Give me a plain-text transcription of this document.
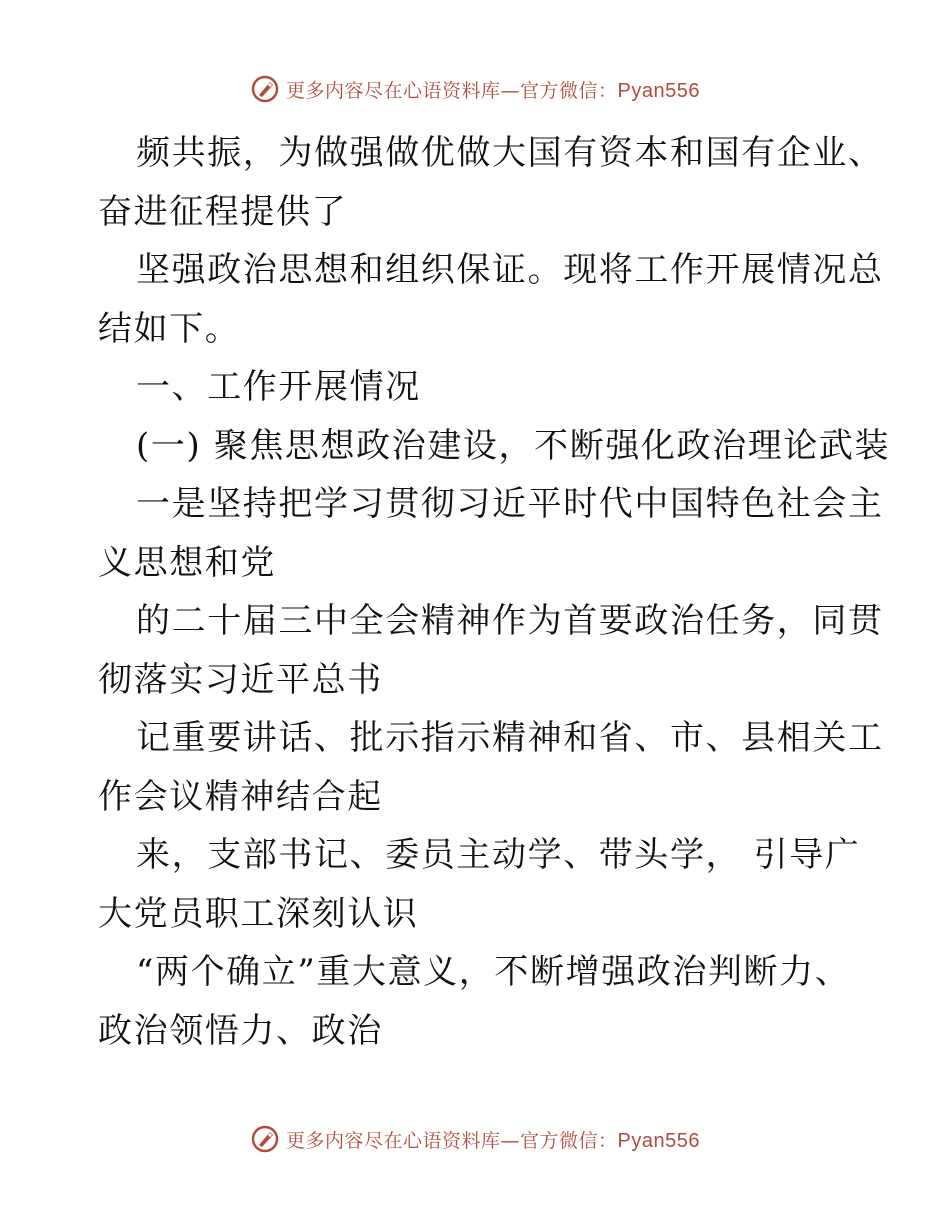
更多内容尽在心语资料库—官方微信：Pyan556
频共振，为做强做优做大国有资本和国有企业、
奋进征程提供了
坚强政治思想和组织保证。现将工作开展情况总
结如下。
一、工作开展情况
(一) 聚焦思想政治建设，不断强化政治理论武装
一是坚持把学习贯彻习近平时代中国特色社会主
义思想和党
的二十届三中全会精神作为首要政治任务，同贯
彻落实习近平总书
记重要讲话、批示指示精神和省、市、县相关工
作会议精神结合起
来，支部书记、委员主动学、带头学， 引导广
大党员职工深刻认识
“两个确立”重大意义，不断增强政治判断力、
政治领悟力、政治
更多内容尽在心语资料库—官方微信：Pyan556
